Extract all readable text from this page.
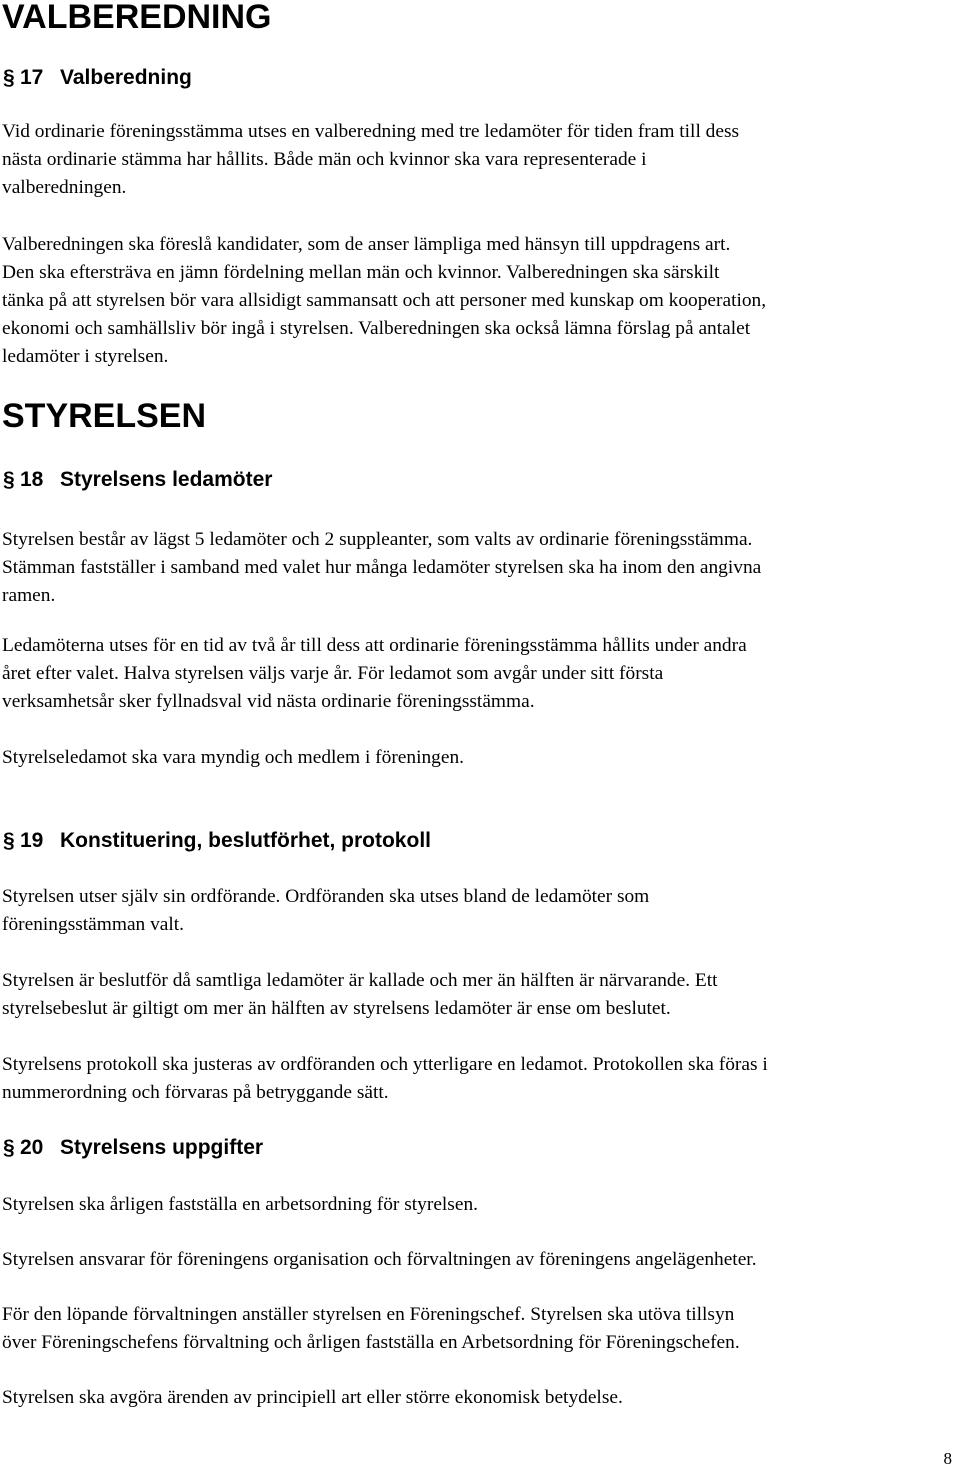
VALBEREDNING
§ 17 Valberedning
Vid ordinarie föreningsstämma utses en valberedning med tre ledamöter för tiden fram till dess
nästa ordinarie stämma har hållits. Både män och kvinnor ska vara representerade i
valberedningen.
Valberedningen ska föreslå kandidater, som de anser lämpliga med hänsyn till uppdragens art.
Den ska eftersträva en jämn fördelning mellan män och kvinnor. Valberedningen ska särskilt
tänka på att styrelsen bör vara allsidigt sammansatt och att personer med kunskap om kooperation,
ekonomi och samhällsliv bör ingå i styrelsen. Valberedningen ska också lämna förslag på antalet
ledamöter i styrelsen.
STYRELSEN
§ 18 Styrelsens ledamöter
Styrelsen består av lägst 5 ledamöter och 2 suppleanter, som valts av ordinarie föreningsstämma.
Stämman fastställer i samband med valet hur många ledamöter styrelsen ska ha inom den angivna
ramen.
Ledamöterna utses för en tid av två år till dess att ordinarie föreningsstämma hållits under andra
året efter valet. Halva styrelsen väljs varje år. För ledamot som avgår under sitt första
verksamhetsår sker fyllnadsval vid nästa ordinarie föreningsstämma.
Styrelseledamot ska vara myndig och medlem i föreningen.
§ 19 Konstituering, beslutförhet, protokoll
Styrelsen utser själv sin ordförande. Ordföranden ska utses bland de ledamöter som
föreningsstämman valt.
Styrelsen är beslutför då samtliga ledamöter är kallade och mer än hälften är närvarande. Ett
styrelsebeslut är giltigt om mer än hälften av styrelsens ledamöter är ense om beslutet.
Styrelsens protokoll ska justeras av ordföranden och ytterligare en ledamot. Protokollen ska föras i
nummerordning och förvaras på betryggande sätt.
§ 20 Styrelsens uppgifter
Styrelsen ska årligen fastställa en arbetsordning för styrelsen.
Styrelsen ansvarar för föreningens organisation och förvaltningen av föreningens angelägenheter.
För den löpande förvaltningen anställer styrelsen en Föreningschef. Styrelsen ska utöva tillsyn
över Föreningschefens förvaltning och årligen fastställa en Arbetsordning för Föreningschefen.
Styrelsen ska avgöra ärenden av principiell art eller större ekonomisk betydelse.
8
